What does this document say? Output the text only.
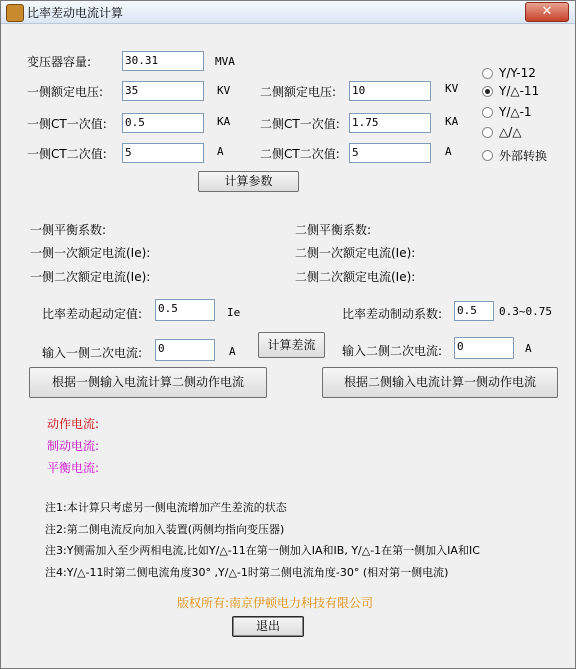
比率差动电流计算	✕
变压器容量:	30.31	MVA
一侧额定电压: 35	KV 二侧额定电压: 10	KV
一侧CT一次值: 0.5	KA 二侧CT一次值: 1.75	KA
一侧CT二次值: 5	A	二侧CT二次值: 5	A
计算参数
Y/Y-12
Y/△-11
Y/△-1
△/△
外部转换
一侧平衡系数:	二侧平衡系数:
一侧一次额定电流(Ie):	二侧一次额定电流(Ie):
一侧二次额定电流(Ie):	二侧二次额定电流(Ie):
比率差动起动定值: 0.5	Ie	比率差动制动系数: 0.5	0.3~0.75
输入一侧二次电流: 0	A	计算差流	输入二侧二次电流: 0	A
根据一侧输入电流计算二侧动作电流	根据二侧输入电流计算一侧动作电流
动作电流:
制动电流:
平衡电流:
注1:本计算只考虑另一侧电流增加产生差流的状态
注2:第二侧电流反向加入装置(两侧均指向变压器)
注3:Y侧需加入至少两相电流,比如Y/△-11在第一侧加入IA和IB, Y/△-1在第一侧加入IA和IC
注4:Y/△-11时第二侧电流角度30° ,Y/△-1时第二侧电流角度-30° (相对第一侧电流)
版权所有:南京伊顿电力科技有限公司
退出
